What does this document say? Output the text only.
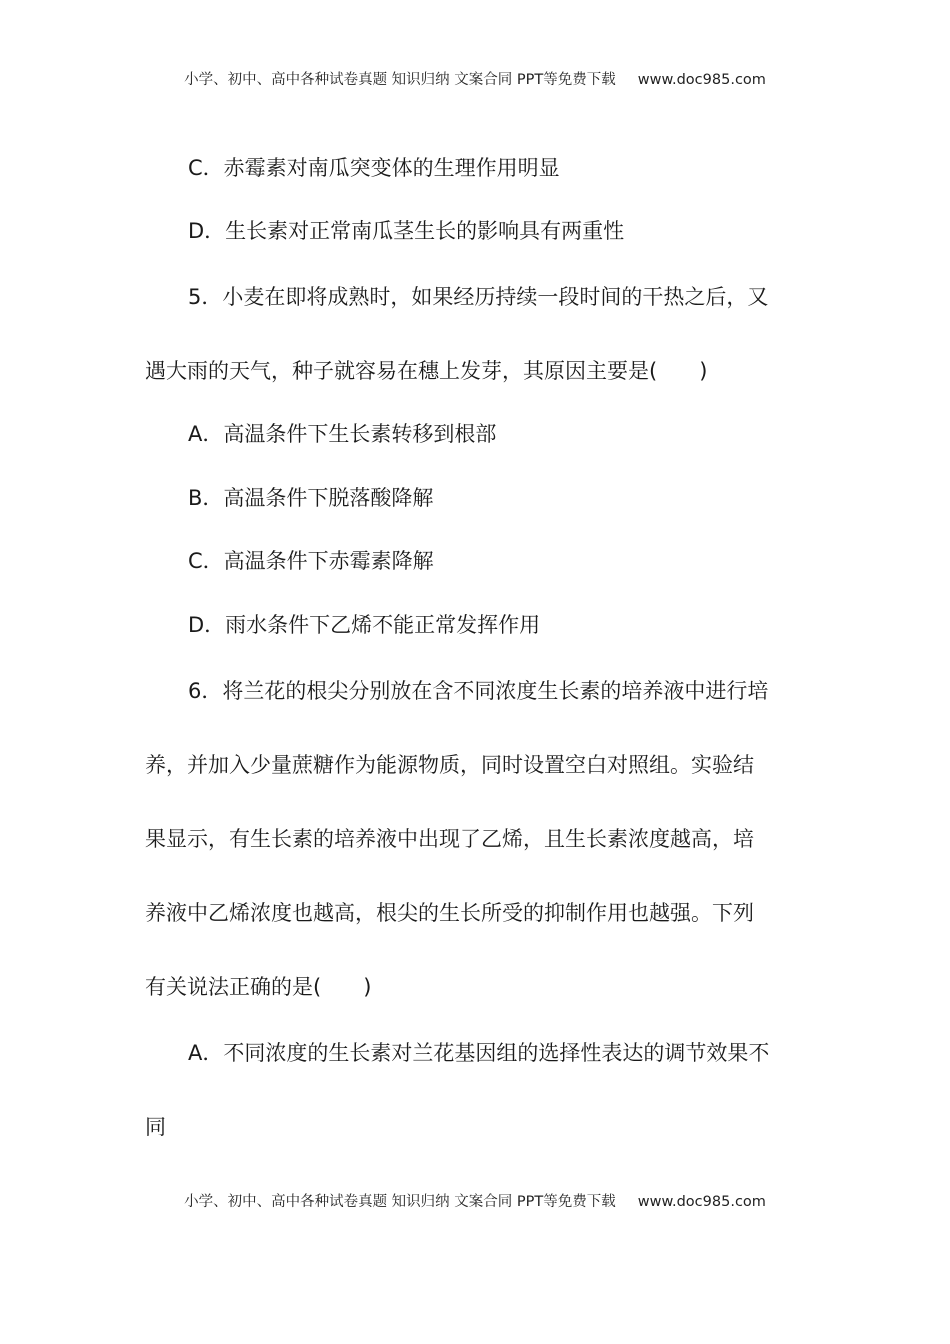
小学、初中、高中各种试卷真题 知识归纳 文案合同 PPT等免费下载 www.doc985.com
C．赤霉素对南瓜突变体的生理作用明显
D．生长素对正常南瓜茎生长的影响具有两重性
5．小麦在即将成熟时，如果经历持续一段时间的干热之后，又
遇大雨的天气，种子就容易在穗上发芽，其原因主要是(　　)
A．高温条件下生长素转移到根部
B．高温条件下脱落酸降解
C．高温条件下赤霉素降解
D．雨水条件下乙烯不能正常发挥作用
6．将兰花的根尖分别放在含不同浓度生长素的培养液中进行培
养，并加入少量蔗糖作为能源物质，同时设置空白对照组。实验结
果显示，有生长素的培养液中出现了乙烯，且生长素浓度越高，培
养液中乙烯浓度也越高，根尖的生长所受的抑制作用也越强。下列
有关说法正确的是(　　)
A．不同浓度的生长素对兰花基因组的选择性表达的调节效果不
同
小学、初中、高中各种试卷真题 知识归纳 文案合同 PPT等免费下载 www.doc985.com
